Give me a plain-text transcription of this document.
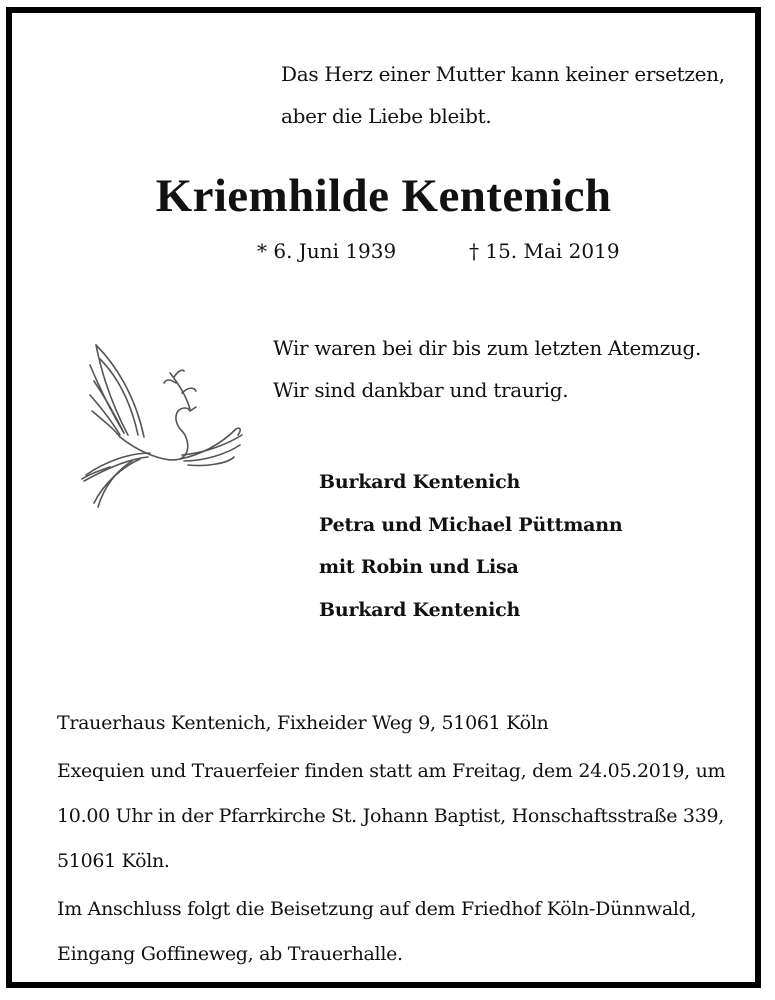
Das Herz einer Mutter kann keiner ersetzen,
aber die Liebe bleibt.
Kriemhilde Kentenich
* 6. Juni 1939	† 15. Mai 2019
Wir waren bei dir bis zum letzten Atemzug.
Wir sind dankbar und traurig.
Burkard Kentenich
Petra und Michael Püttmann
mit Robin und Lisa
Burkard Kentenich

Trauerhaus Kentenich, Fixheider Weg 9, 51061 Köln

Exequien und Trauerfeier finden statt am Freitag, dem 24.05.2019, um

10.00 Uhr in der Pfarrkirche St. Johann Baptist, Honschaftsstraße 339,

51061 Köln.

Im Anschluss folgt die Beisetzung auf dem Friedhof Köln-Dünnwald,

Eingang Goffineweg, ab Trauerhalle.
